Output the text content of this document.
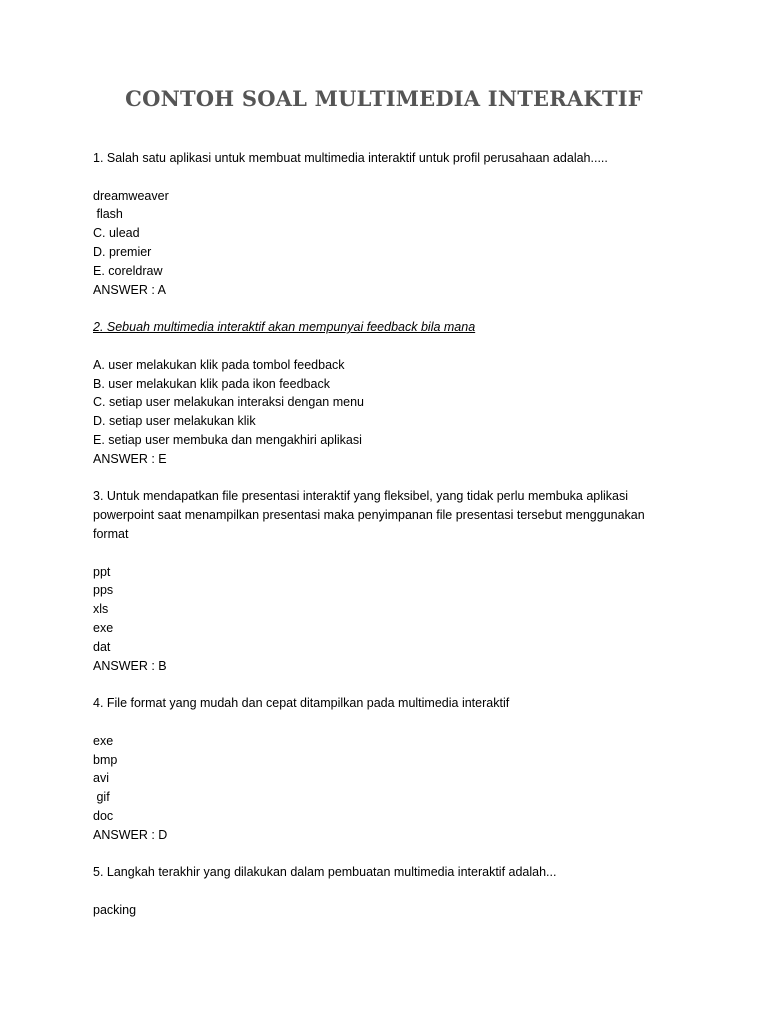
CONTOH SOAL MULTIMEDIA INTERAKTIF

1. Salah satu aplikasi untuk membuat multimedia interaktif untuk profil perusahaan adalah.....

dreamweaver

flash

C. ulead

D. premier

E. coreldraw

ANSWER : A

2. Sebuah multimedia interaktif akan mempunyai feedback bila mana

A. user melakukan klik pada tombol feedback

B. user melakukan klik pada ikon feedback

C. setiap user melakukan interaksi dengan menu

D. setiap user melakukan klik

E. setiap user membuka dan mengakhiri aplikasi

ANSWER : E

3. Untuk mendapatkan file presentasi interaktif yang fleksibel, yang tidak perlu membuka aplikasi

powerpoint saat menampilkan presentasi maka penyimpanan file presentasi tersebut menggunakan

format

ppt

pps

xls

exe

dat

ANSWER : B

4. File format yang mudah dan cepat ditampilkan pada multimedia interaktif

exe

bmp

avi

gif

doc

ANSWER : D

5. Langkah terakhir yang dilakukan dalam pembuatan multimedia interaktif adalah...

packing
